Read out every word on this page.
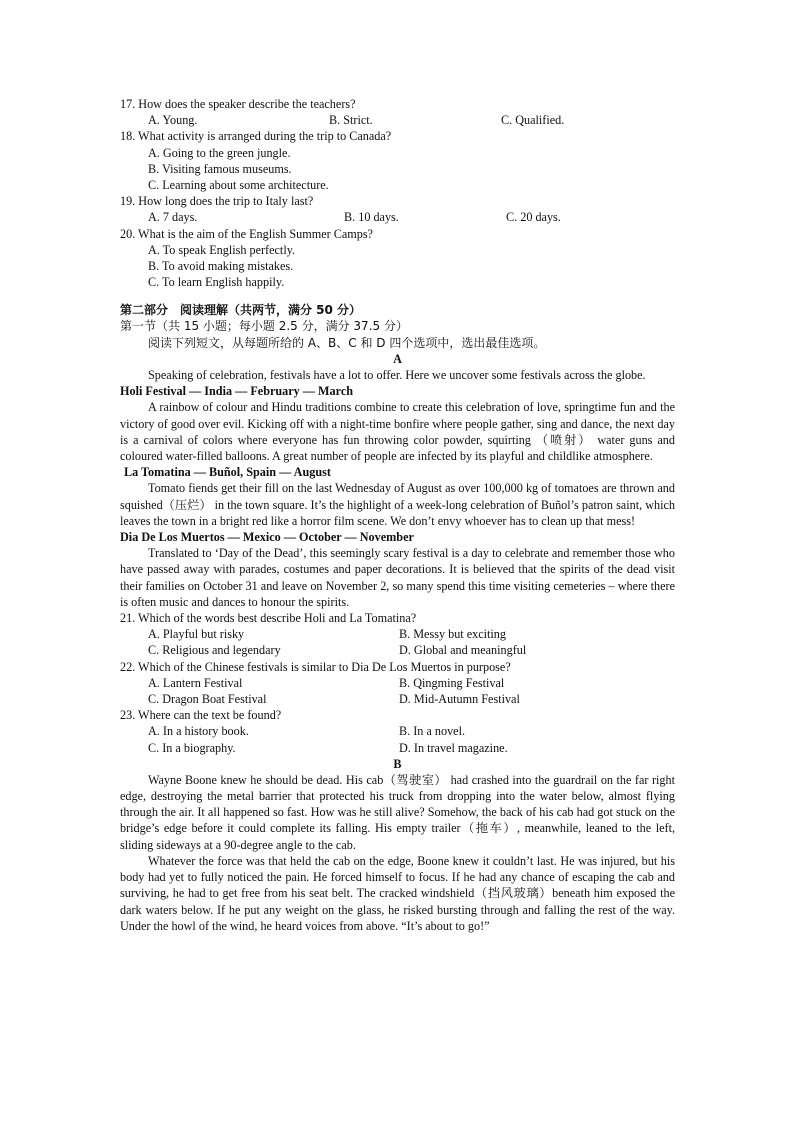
17. How does the speaker describe the teachers?
A. Young.	B. Strict.	C. Qualified.
18. What activity is arranged during the trip to Canada?
A. Going to the green jungle.
B. Visiting famous museums.
C. Learning about some architecture.
19. How long does the trip to Italy last?
A. 7 days.	B. 10 days.	C. 20 days.
20. What is the aim of the English Summer Camps?
A. To speak English perfectly.
B. To avoid making mistakes.
C. To learn English happily.
第二部分　阅读理解（共两节，满分 50 分）
第一节（共 15 小题；每小题 2.5 分，满分 37.5 分）
阅读下列短文，从每题所给的 A、B、C 和 D 四个选项中，选出最佳选项。
A

Speaking of celebration, festivals have a lot to offer. Here we uncover some festivals across the globe.

Holi Festival — India — February — March

A rainbow of colour and Hindu traditions combine to create this celebration of love, springtime fun and the victory of good over evil. Kicking off with a night-time bonfire where people gather, sing and dance, the next day is a carnival of colors where everyone has fun throwing color powder, squirting （喷射） water guns and coloured water-filled balloons. A great number of people are infected by its playful and childlike atmosphere.

La Tomatina — Buñol, Spain — August

Tomato fiends get their fill on the last Wednesday of August as over 100,000 kg of tomatoes are thrown and squished（压烂） in the town square. It’s the highlight of a week-long celebration of Buñol’s patron saint, which leaves the town in a bright red like a horror film scene. We don’t envy whoever has to clean up that mess!

Dia De Los Muertos — Mexico — October — November

Translated to ‘Day of the Dead’, this seemingly scary festival is a day to celebrate and remember those who have passed away with parades, costumes and paper decorations. It is believed that the spirits of the dead visit their families on October 31 and leave on November 2, so many spend this time visiting cemeteries – where there is often music and dances to honour the spirits.

21. Which of the words best describe Holi and La Tomatina?
A. Playful but risky	B. Messy but exciting
C. Religious and legendary	D. Global and meaningful
22. Which of the Chinese festivals is similar to Dia De Los Muertos in purpose?
A. Lantern Festival	B. Qingming Festival
C. Dragon Boat Festival	D. Mid-Autumn Festival
23. Where can the text be found?
A. In a history book.	B. In a novel.
C. In a biography.	D. In travel magazine.
B

Wayne Boone knew he should be dead. His cab（驾驶室） had crashed into the guardrail on the far right edge, destroying the metal barrier that protected his truck from dropping into the water below, almost flying through the air. It all happened so fast. How was he still alive? Somehow, the back of his cab had got stuck on the bridge’s edge before it could complete its falling. His empty trailer（拖车）, meanwhile, leaned to the left, sliding sideways at a 90-degree angle to the cab.

Whatever the force was that held the cab on the edge, Boone knew it couldn’t last. He was injured, but his body had yet to fully noticed the pain. He forced himself to focus. If he had any chance of escaping the cab and surviving, he had to get free from his seat belt. The cracked windshield（挡风玻璃）beneath him exposed the dark waters below. If he put any weight on the glass, he risked bursting through and falling the rest of the way. Under the howl of the wind, he heard voices from above. “It’s about to go!”
